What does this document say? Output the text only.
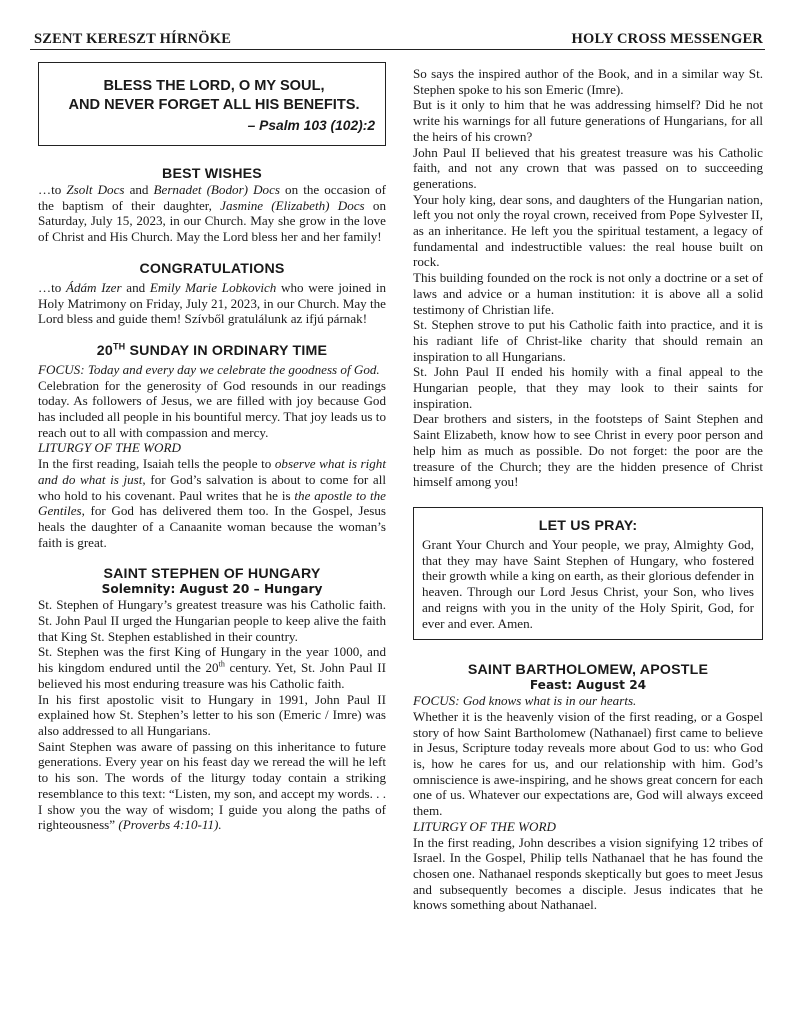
SZENT KERESZT HÍRNÖKE	HOLY CROSS MESSENGER
BLESS THE LORD, O MY SOUL,
AND NEVER FORGET ALL HIS BENEFITS.
– Psalm 103 (102):2
BEST WISHES

…to Zsolt Docs and Bernadet (Bodor) Docs on the occasion of the baptism of their daughter, Jasmine (Elizabeth) Docs on Saturday, July 15, 2023, in our Church. May she grow in the love of Christ and His Church. May the Lord bless her and her family!

CONGRATULATIONS

…to Ádám Izer and Emily Marie Lobkovich who were joined in Holy Matrimony on Friday, July 21, 2023, in our Church. May the Lord bless and guide them! Szívből gratulálunk az ifjú párnak!

20TH SUNDAY IN ORDINARY TIME

FOCUS: Today and every day we celebrate the goodness of God.

Celebration for the generosity of God resounds in our readings today. As followers of Jesus, we are filled with joy because God has included all people in his bountiful mercy. That joy leads us to reach out to all with compassion and mercy.

LITURGY OF THE WORD

In the first reading, Isaiah tells the people to observe what is right and do what is just, for God’s salvation is about to come for all who hold to his covenant. Paul writes that he is the apostle to the Gentiles, for God has delivered them too. In the Gospel, Jesus heals the daughter of a Canaanite woman because the woman’s faith is great.

SAINT STEPHEN OF HUNGARY
Solemnity: August 20 – Hungary

St. Stephen of Hungary’s greatest treasure was his Catholic faith. St. John Paul II urged the Hungarian people to keep alive the faith that King St. Stephen established in their country.

St. Stephen was the first King of Hungary in the year 1000, and his kingdom endured until the 20th century. Yet, St. John Paul II believed his most enduring treasure was his Catholic faith.

In his first apostolic visit to Hungary in 1991, John Paul II explained how St. Stephen’s letter to his son (Emeric / Imre) was also addressed to all Hungarians.

Saint Stephen was aware of passing on this inheritance to future generations. Every year on his feast day we reread the will he left to his son. The words of the liturgy today contain a striking resemblance to this text: “Listen, my son, and accept my words. . . I show you the way of wisdom; I guide you along the paths of righteousness” (Proverbs 4:10-11).

So says the inspired author of the Book, and in a similar way St. Stephen spoke to his son Emeric (Imre).

But is it only to him that he was addressing himself? Did he not write his warnings for all future generations of Hungarians, for all the heirs of his crown?

John Paul II believed that his greatest treasure was his Catholic faith, and not any crown that was passed on to succeeding generations.

Your holy king, dear sons, and daughters of the Hungarian nation, left you not only the royal crown, received from Pope Sylvester II, as an inheritance. He left you the spiritual testament, a legacy of fundamental and indestructible values: the real house built on rock.

This building founded on the rock is not only a doctrine or a set of laws and advice or a human institution: it is above all a solid testimony of Christian life.

St. Stephen strove to put his Catholic faith into practice, and it is his radiant life of Christ-like charity that should remain an inspiration to all Hungarians.

St. John Paul II ended his homily with a final appeal to the Hungarian people, that they may look to their saints for inspiration.

Dear brothers and sisters, in the footsteps of Saint Stephen and Saint Elizabeth, know how to see Christ in every poor person and help him as much as possible. Do not forget: the poor are the treasure of the Church; they are the hidden presence of Christ himself among you!

LET US PRAY:

Grant Your Church and Your people, we pray, Almighty God, that they may have Saint Stephen of Hungary, who fostered their growth while a king on earth, as their glorious defender in heaven. Through our Lord Jesus Christ, your Son, who lives and reigns with you in the unity of the Holy Spirit, God, for ever and ever. Amen.

SAINT BARTHOLOMEW, APOSTLE
Feast: August 24

FOCUS: God knows what is in our hearts.

Whether it is the heavenly vision of the first reading, or a Gospel story of how Saint Bartholomew (Nathanael) first came to believe in Jesus, Scripture today reveals more about God to us: who God is, how he cares for us, and our relationship with him. God’s omniscience is awe-inspiring, and he shows great concern for each one of us. Whatever our expectations are, God will always exceed them.

LITURGY OF THE WORD

In the first reading, John describes a vision signifying 12 tribes of Israel. In the Gospel, Philip tells Nathanael that he has found the chosen one. Nathanael responds skeptically but goes to meet Jesus and subsequently becomes a disciple. Jesus indicates that he knows something about Nathanael.
